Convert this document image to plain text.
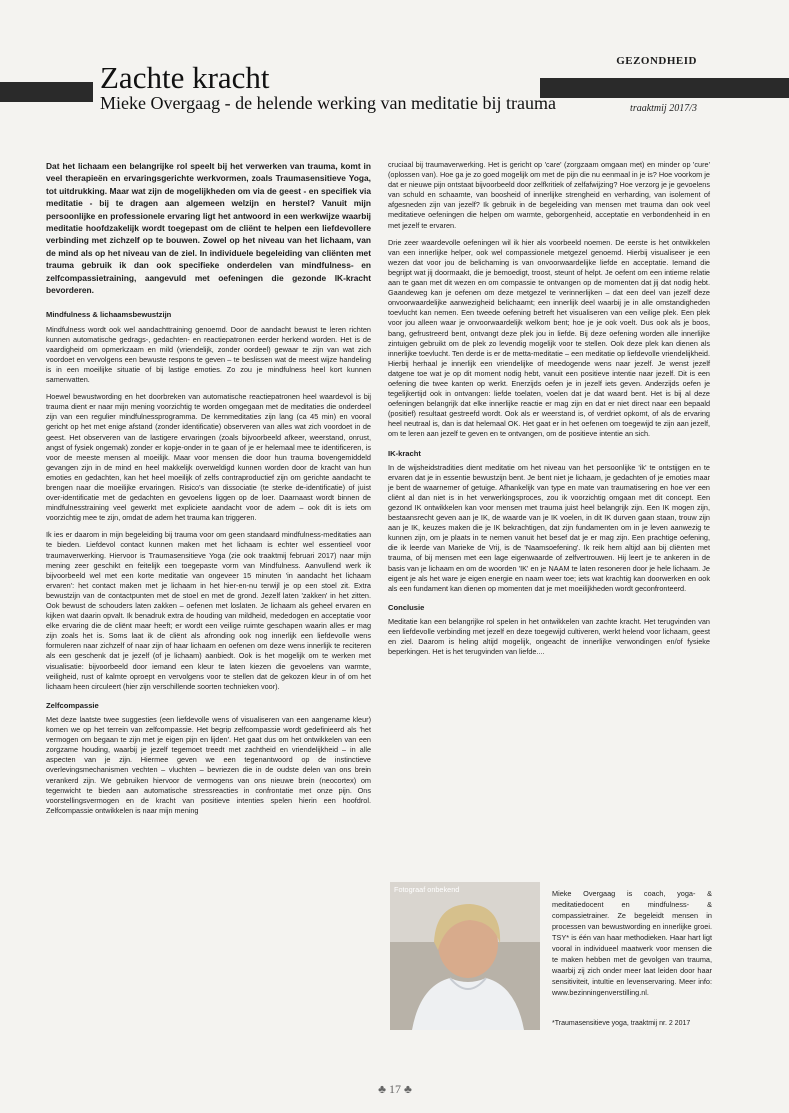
GEZONDHEID
Zachte kracht
Mieke Overgaag - de helende werking van meditatie bij trauma	traaktmij 2017/3

Dat het lichaam een belangrijke rol speelt bij het verwerken van trauma, komt in veel therapieën en ervaringsgerichte werkvormen, zoals Traumasensitieve Yoga, tot uitdrukking. Maar wat zijn de mogelijkheden om via de geest - en specifiek via meditatie - bij te dragen aan algemeen welzijn en herstel? Vanuit mijn persoonlijke en professionele ervaring ligt het antwoord in een werkwijze waarbij meditatie hoofdzakelijk wordt toegepast om de cliënt te helpen een liefdevollere verbinding met zichzelf op te bouwen. Zowel op het niveau van het lichaam, van de mind als op het niveau van de ziel. In individuele begeleiding van cliënten met trauma gebruik ik dan ook specifieke onderdelen van mindfulness- en zelfcompassietraining, aangevuld met oefeningen die gezonde IK-kracht bevorderen.

Mindfulness & lichaamsbewustzijn

Mindfulness wordt ook wel aandachttraining genoemd. Door de aandacht bewust te leren richten kunnen automatische gedrags-, gedachten- en reactiepatronen eerder herkend worden. Het is de vaardigheid om opmerkzaam en mild (vriendelijk, zonder oordeel) gewaar te zijn van wat zich voordoet en vervolgens een bewuste respons te geven – te beslissen wat de meest wijze handeling is in een moeilijke situatie of bij lastige emoties. Zo zou je mindfulness heel kort kunnen samenvatten.

Hoewel bewustwording en het doorbreken van automatische reactiepatronen heel waardevol is bij trauma dient er naar mijn mening voorzichtig te worden omgegaan met de meditaties die onderdeel zijn van een regulier mindfulnessprogramma. De kernmeditaties zijn lang (ca 45 min) en vooral gericht op het met enige afstand (zonder identificatie) observeren van alles wat zich voordoet in de geest. Het observeren van de lastigere ervaringen (zoals bijvoorbeeld afkeer, weerstand, onrust, angst of fysiek ongemak) zonder er kopje-onder in te gaan of je er helemaal mee te identificeren, is voor de meeste mensen al moeilijk. Maar voor mensen die door hun trauma bovengemiddeld gevangen zijn in de mind en heel makkelijk overweldigd kunnen worden door de kracht van hun emoties en gedachten, kan het heel moeilijk of zelfs contraproductief zijn om gerichte aandacht te brengen naar die moeilijke ervaringen. Risico's van dissociatie (te sterke de-identificatie) of juist over-identificatie met de gedachten en gevoelens liggen op de loer. Daarnaast wordt binnen de mindfulnesstraining veel gewerkt met expliciete aandacht voor de adem – ook dit is iets om voorzichtig mee te zijn, omdat de adem het trauma kan triggeren.

Ik ies er daarom in mijn begeleiding bij trauma voor om geen standaard mindfulness-meditaties aan te bieden. Liefdevol contact kunnen maken met het lichaam is echter wel essentieel voor traumaverwerking. Hiervoor is Traumasensitieve Yoga (zie ook traaktmij februari 2017) naar mijn mening zeer geschikt en feitelijk een toegepaste vorm van Mindfulness. Aanvullend werk ik bijvoorbeeld wel met een korte meditatie van ongeveer 15 minuten 'in aandacht het lichaam ervaren': het contact maken met je lichaam in het hier-en-nu terwijl je op een stoel zit. Extra bewustzijn van de contactpunten met de stoel en met de grond. Jezelf laten 'zakken' in het zitten. Ook bewust de schouders laten zakken – oefenen met loslaten. Je lichaam als geheel ervaren en kijken wat daarin opvalt. Ik benadruk extra de houding van mildheid, mededogen en acceptatie voor elke ervaring die de cliënt maar heeft; er wordt een veilige ruimte geschapen waarin alles er mag zijn zoals het is. Soms laat ik de cliënt als afronding ook nog innerlijk een liefdevolle wens formuleren naar zichzelf of naar zijn of haar lichaam en oefenen om deze wens innerlijk te reciteren als een geschenk dat je jezelf (of je lichaam) aanbiedt. Ook is het mogelijk om te werken met visualisatie: bijvoorbeeld door iemand een kleur te laten kiezen die gevoelens van warmte, veiligheid, rust of kalmte oproept en vervolgens voor te stellen dat de gekozen kleur in of om het lichaam heen circuleert (hier zijn verschillende soorten technieken voor).

Zelfcompassie

Met deze laatste twee suggesties (een liefdevolle wens of visualiseren van een aangename kleur) komen we op het terrein van zelfcompassie. Het begrip zelfcompassie wordt gedefinieerd als 'het vermogen om begaan te zijn met je eigen pijn en lijden'. Het gaat dus om het ontwikkelen van een zorgzame houding, waarbij je jezelf tegemoet treedt met zachtheid en vriendelijkheid – in alle aspecten van je zijn. Hiermee geven we een tegenantwoord op de instinctieve overlevingsmechanismen vechten – vluchten – bevriezen die in de oudste delen van ons brein verankerd zijn. We gebruiken hiervoor de vermogens van ons nieuwe brein (neocortex) om tegenwicht te bieden aan automatische stressreacties in confrontatie met onze pijn. Ons voorstellingsvermogen en de kracht van positieve intenties spelen hierin een hoofdrol. Zelfcompassie ontwikkelen is naar mijn mening

cruciaal bij traumaverwerking. Het is gericht op 'care' (zorgzaam omgaan met) en minder op 'cure' (oplossen van). Hoe ga je zo goed mogelijk om met de pijn die nu eenmaal in je is? Hoe voorkom je dat er nieuwe pijn ontstaat bijvoorbeeld door zelfkritiek of zelfafwijzing? Hoe verzorg je je gevoelens van schuld en schaamte, van boosheid of innerlijke strengheid en verharding, van isolement of afgesneden zijn van jezelf? Ik gebruik in de begeleiding van mensen met trauma dan ook veel meditatieve oefeningen die helpen om warmte, geborgenheid, acceptatie en verbondenheid in en met jezelf te ervaren.

Drie zeer waardevolle oefeningen wil ik hier als voorbeeld noemen. De eerste is het ontwikkelen van een innerlijke helper, ook wel compassionele metgezel genoemd. Hierbij visualiseer je een wezen dat voor jou de belichaming is van onvoorwaardelijke liefde en acceptatie. Iemand die begrijpt wat jij doormaakt, die je bemoedigt, troost, steunt of helpt. Je oefent om een intieme relatie aan te gaan met dit wezen en om compassie te ontvangen op de momenten dat jij dat nodig hebt. Gaandeweg kan je oefenen om deze metgezel te verinnerlijken – dat een deel van jezelf deze onvoorwaardelijke aanwezigheid belichaamt; een innerlijk deel waarbij je in alle omstandigheden toevlucht kan nemen. Een tweede oefening betreft het visualiseren van een veilige plek. Een plek voor jou alleen waar je onvoorwaardelijk welkom bent; hoe je je ook voelt. Dus ook als je boos, bang, gefrustreerd bent, ontvangt deze plek jou in liefde. Bij deze oefening worden alle innerlijke zintuigen gebruikt om de plek zo levendig mogelijk voor te stellen. Ook deze plek kan dienen als innerlijke toevlucht. Ten derde is er de metta-meditatie – een meditatie op liefdevolle vriendelijkheid. Hierbij herhaal je innerlijk een vriendelijke of meedogende wens naar jezelf. Je wenst jezelf datgene toe wat je op dit moment nodig hebt, vanuit een positieve intentie naar jezelf. Dit is een oefening die twee kanten op werkt. Enerzijds oefen je in jezelf iets geven. Anderzijds oefen je tegelijkertijd ook in ontvangen: liefde toelaten, voelen dat je dat waard bent. Het is bij al deze oefeningen belangrijk dat elke innerlijke reactie er mag zijn en dat er niet direct naar een bepaald (positief) resultaat gestreefd wordt. Ook als er weerstand is, of verdriet opkomt, of als de ervaring heel neutraal is, dan is dat helemaal OK. Het gaat er in het oefenen om toegewijd te zijn aan jezelf, om te leren aan jezelf te geven en te ontvangen, om de positieve intentie an sich.

IK-kracht

In de wijsheidstradities dient meditatie om het niveau van het persoonlijke 'ik' te ontstijgen en te ervaren dat je in essentie bewustzijn bent. Je bent niet je lichaam, je gedachten of je emoties maar je bent de waarnemer of getuige. Afhankelijk van type en mate van traumatisering en hoe ver een cliënt al dan niet is in het verwerkingsproces, zou ik voorzichtig omgaan met dit concept. Een gezond IK ontwikkelen kan voor mensen met trauma juist heel belangrijk zijn. Een IK mogen zijn, bestaansrecht geven aan je IK, de waarde van je IK voelen, in dit IK durven gaan staan, trouw zijn aan je IK, keuzes maken die je IK bekrachtigen, dat zijn fundamenten om in je leven aanwezig te kunnen zijn, om je plaats in te nemen vanuit het besef dat je er mag zijn. Een prachtige oefening, die ik leerde van Marieke de Vrij, is de 'Naamsoefening'. Ik reik hem altijd aan bij cliënten met trauma, of bij mensen met een lage eigenwaarde of zelfvertrouwen. Hij leert je te ankeren in de basis van je lichaam en om de woorden 'IK' en je NAAM te laten resoneren door je hele lichaam. Je eigent je als het ware je eigen energie en naam weer toe; iets wat krachtig kan doorwerken en ook als een fundament kan dienen op momenten dat je met moeilijkheden wordt geconfronteerd.

Conclusie

Meditatie kan een belangrijke rol spelen in het ontwikkelen van zachte kracht. Het terugvinden van een liefdevolle verbinding met jezelf en deze toegewijd cultiveren, werkt helend voor lichaam, geest en ziel. Daarom is heling altijd mogelijk, ongeacht de innerlijke verwondingen en/of fysieke beperkingen. Het is het terugvinden van liefde....

Fotograaf onbekend	Mieke Overgaag is coach, yoga- & meditatiedocent en mindfulness- & compassietrainer. Ze begeleidt mensen in processen van bewustwording en innerlijke groei. TSY* is één van haar methodieken. Haar hart ligt vooral in individueel maatwerk voor mensen die te maken hebben met de gevolgen van trauma, waarbij zij zich onder meer laat leiden door haar sensitiviteit, intuïtie en levenservaring. Meer info: www.bezinningenverstilling.nl.

*Traumasensitieve yoga, traaktmij nr. 2 2017
♣ 17 ♣
